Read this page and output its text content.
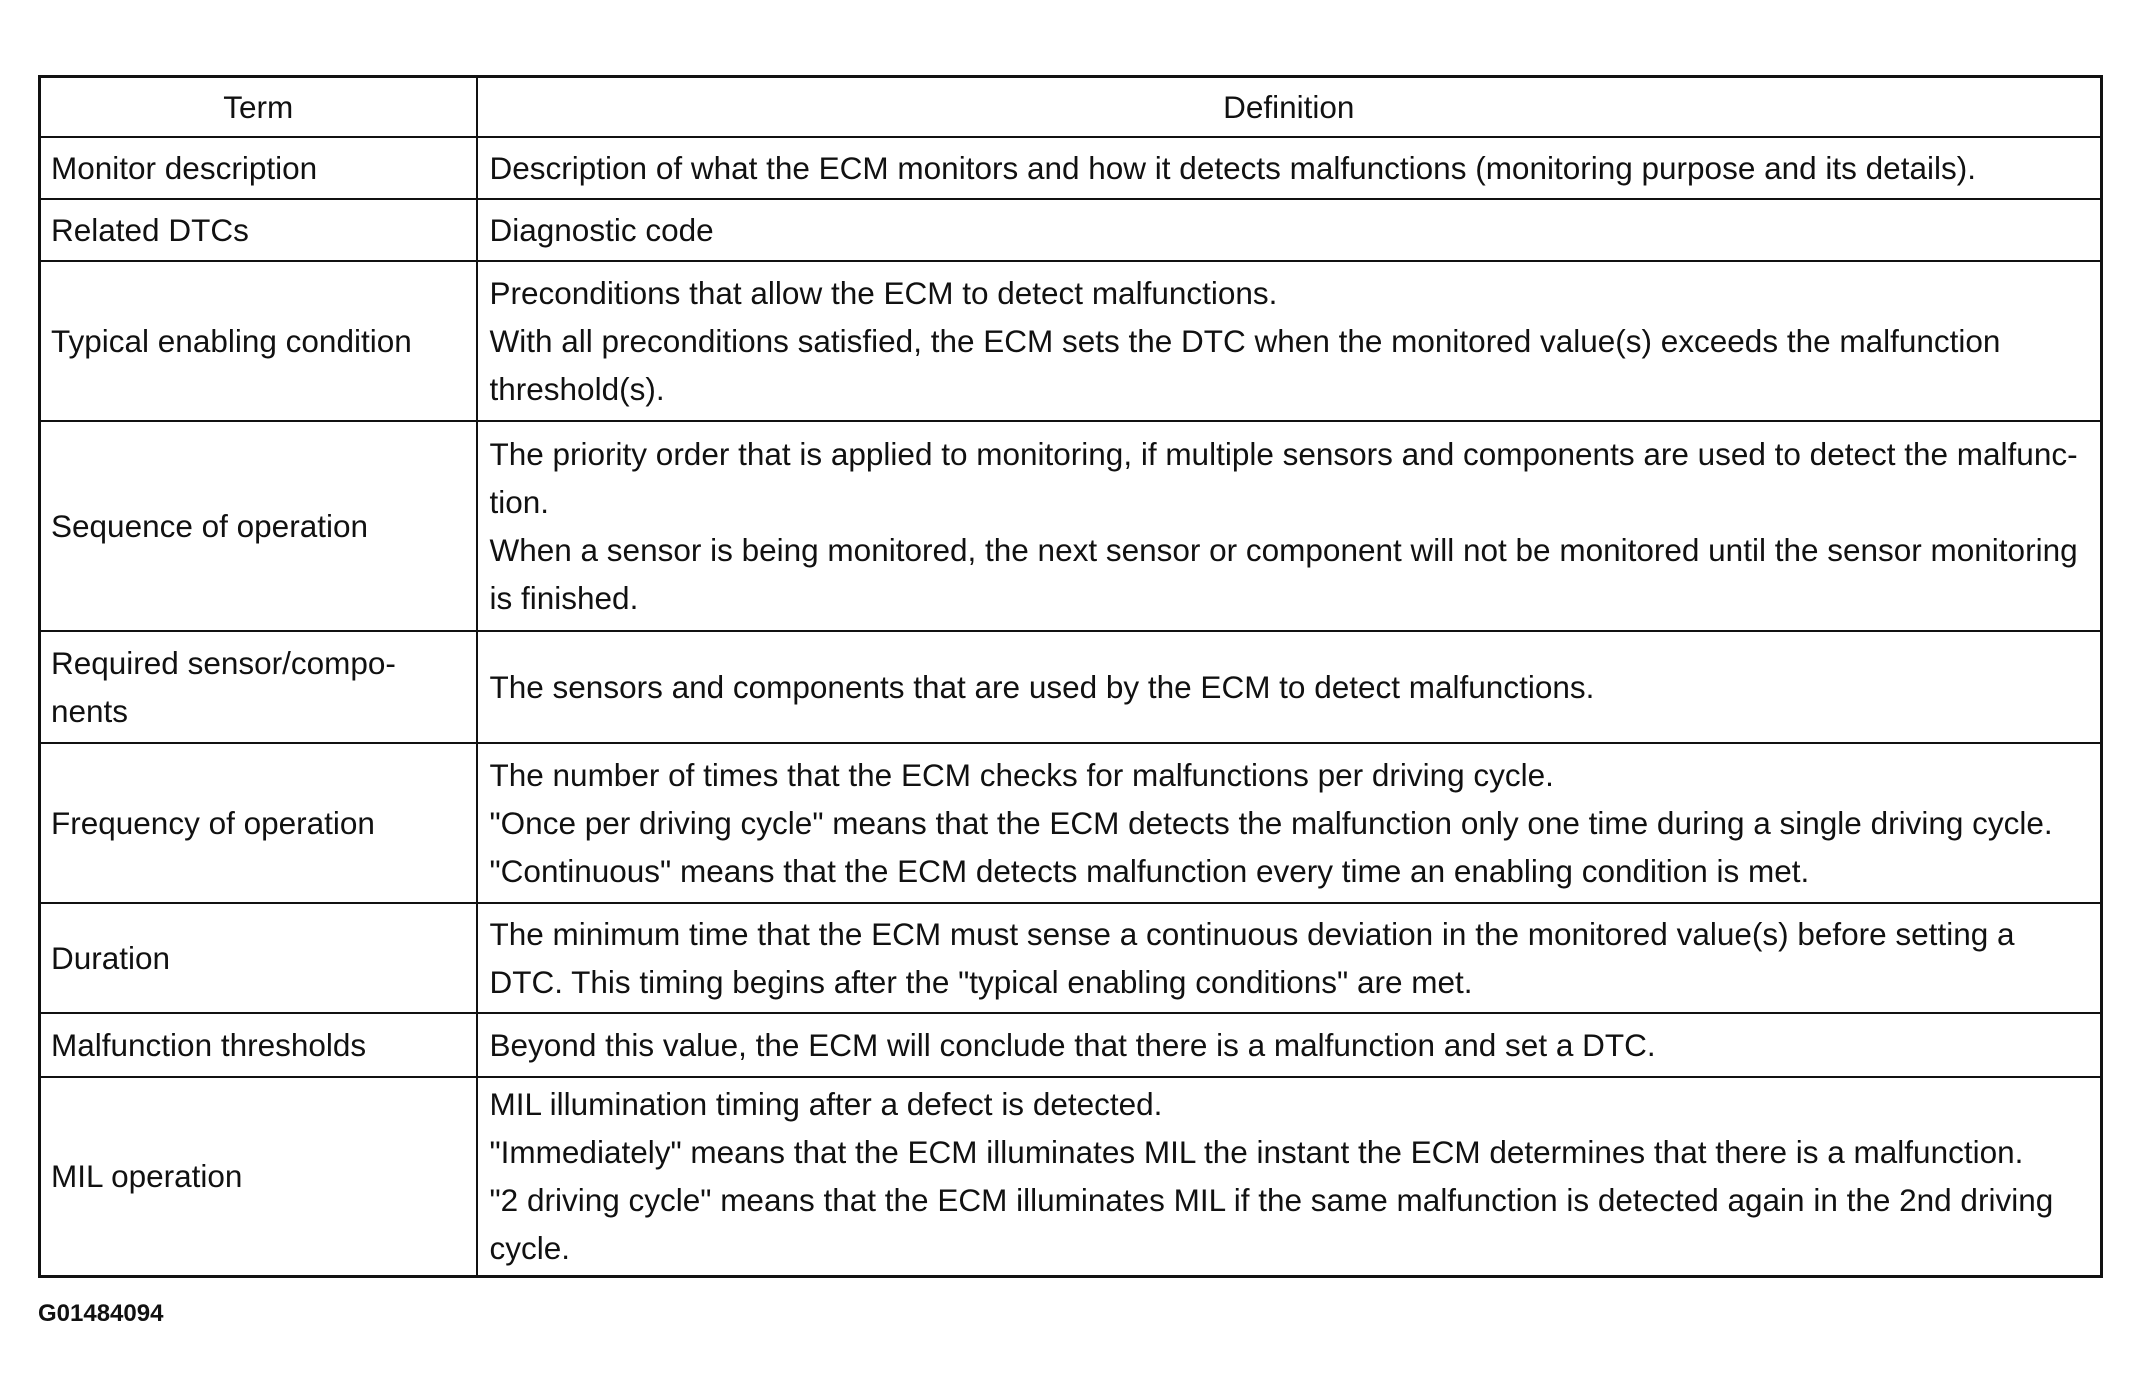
Term	Definition
Monitor description	Description of what the ECM monitors and how it detects malfunctions (monitoring purpose and its details).

Related DTCs	Diagnostic code

Typical enabling condition	Preconditions that allow the ECM to detect malfunctions.
With all preconditions satisfied, the ECM sets the DTC when the monitored value(s) exceeds the malfunction
threshold(s).

Sequence of operation	The priority order that is applied to monitoring, if multiple sensors and components are used to detect the malfunc-
tion.
When a sensor is being monitored, the next sensor or component will not be monitored until the sensor monitoring
is finished.

Required sensor/compo-
nents	The sensors and components that are used by the ECM to detect malfunctions.

Frequency of operation	The number of times that the ECM checks for malfunctions per driving cycle.
"Once per driving cycle" means that the ECM detects the malfunction only one time during a single driving cycle.
"Continuous" means that the ECM detects malfunction every time an enabling condition is met.

Duration	The minimum time that the ECM must sense a continuous deviation in the monitored value(s) before setting a
DTC. This timing begins after the "typical enabling conditions" are met.

Malfunction thresholds	Beyond this value, the ECM will conclude that there is a malfunction and set a DTC.

MIL operation	MIL illumination timing after a defect is detected.
"Immediately" means that the ECM illuminates MIL the instant the ECM determines that there is a malfunction.
"2 driving cycle" means that the ECM illuminates MIL if the same malfunction is detected again in the 2nd driving
cycle.
G01484094
